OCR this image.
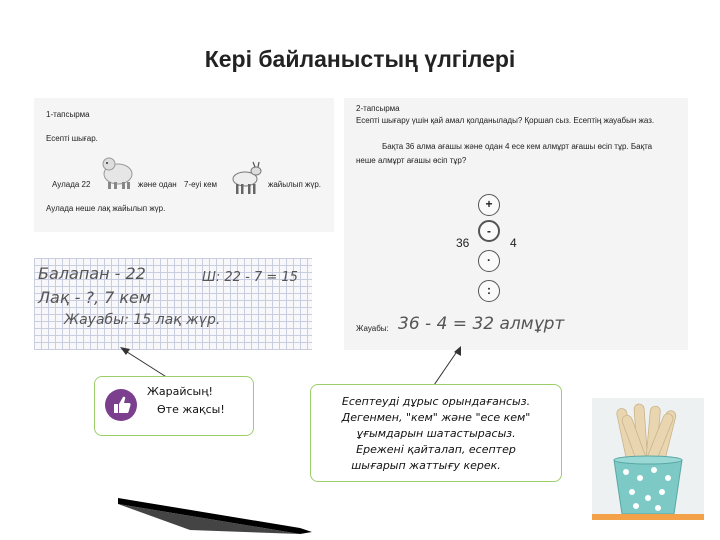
Кері байланыстың үлгілері
1-тапсырма
Есепті шығар.
Аулада 22	және одан 7-еуі кем	жайылып жүр.
Аулада неше лақ жайылып жүр.
Балапан - 22	Ш: 22 - 7 = 15
Лақ - ?, 7 кем
Жауабы: 15 лақ жүр.
2-тапсырма
Есепті шығару үшін қай амал қолданылады? Қоршап сыз. Есептің жауабын жаз.
Бақта 36 алма ағашы және одан 4 есе кем алмұрт ағашы өсіп тұр. Бақта
неше алмұрт ағашы өсіп тұр?
+
-
36	4
·
:
Жауабы: 36 - 4 = 32 алмұрт
Жарайсың!
Өте жақсы!
Есептеуді дұрыс орындағансыз.
Дегенмен, "кем" және "есе кем"
ұғымдарын шатастырасыз.
Ережені қайталап, есептер
шығарып жаттығу керек.
